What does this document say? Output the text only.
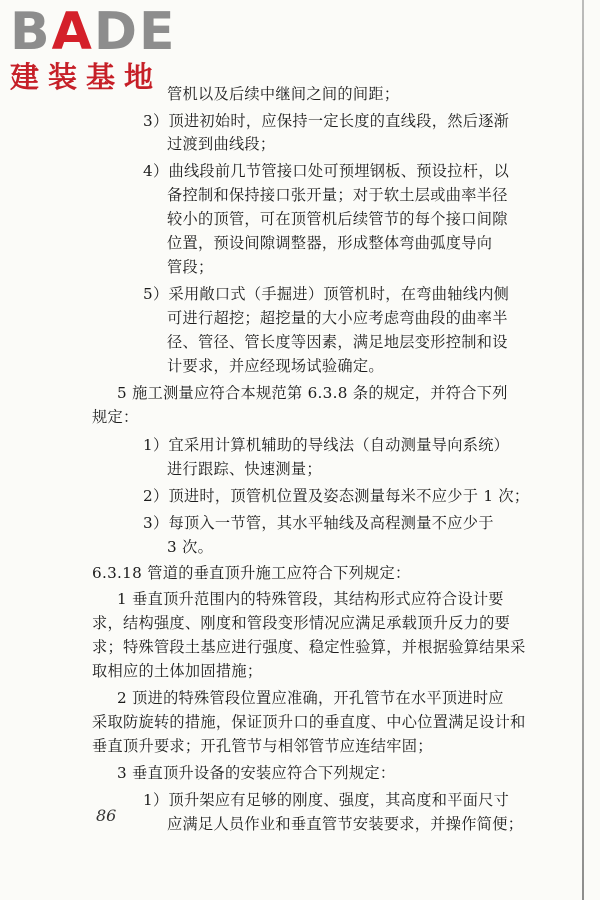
BADE
建装基地 管机以及后续中继间之间的间距；
3）顶进初始时，应保持一定长度的直线段，然后逐渐
过渡到曲线段；
4）曲线段前几节管接口处可预埋钢板、预设拉杆，以
备控制和保持接口张开量；对于软土层或曲率半径
较小的顶管，可在顶管机后续管节的每个接口间隙
位置，预设间隙调整器，形成整体弯曲弧度导向
管段；
5）采用敞口式（手掘进）顶管机时，在弯曲轴线内侧
可进行超挖；超挖量的大小应考虑弯曲段的曲率半
径、管径、管长度等因素，满足地层变形控制和设
计要求，并应经现场试验确定。
5 施工测量应符合本规范第 6.3.8 条的规定，并符合下列
规定：
1）宜采用计算机辅助的导线法（自动测量导向系统）
进行跟踪、快速测量；
2）顶进时，顶管机位置及姿态测量每米不应少于 1 次；
3）每顶入一节管，其水平轴线及高程测量不应少于
3 次。
6.3.18 管道的垂直顶升施工应符合下列规定：
1 垂直顶升范围内的特殊管段，其结构形式应符合设计要
求，结构强度、刚度和管段变形情况应满足承载顶升反力的要
求；特殊管段土基应进行强度、稳定性验算，并根据验算结果采
取相应的土体加固措施；
2 顶进的特殊管段位置应准确，开孔管节在水平顶进时应
采取防旋转的措施，保证顶升口的垂直度、中心位置满足设计和
垂直顶升要求；开孔管节与相邻管节应连结牢固；
3 垂直顶升设备的安装应符合下列规定：
1）顶升架应有足够的刚度、强度，其高度和平面尺寸
应满足人员作业和垂直管节安装要求，并操作简便；
86
